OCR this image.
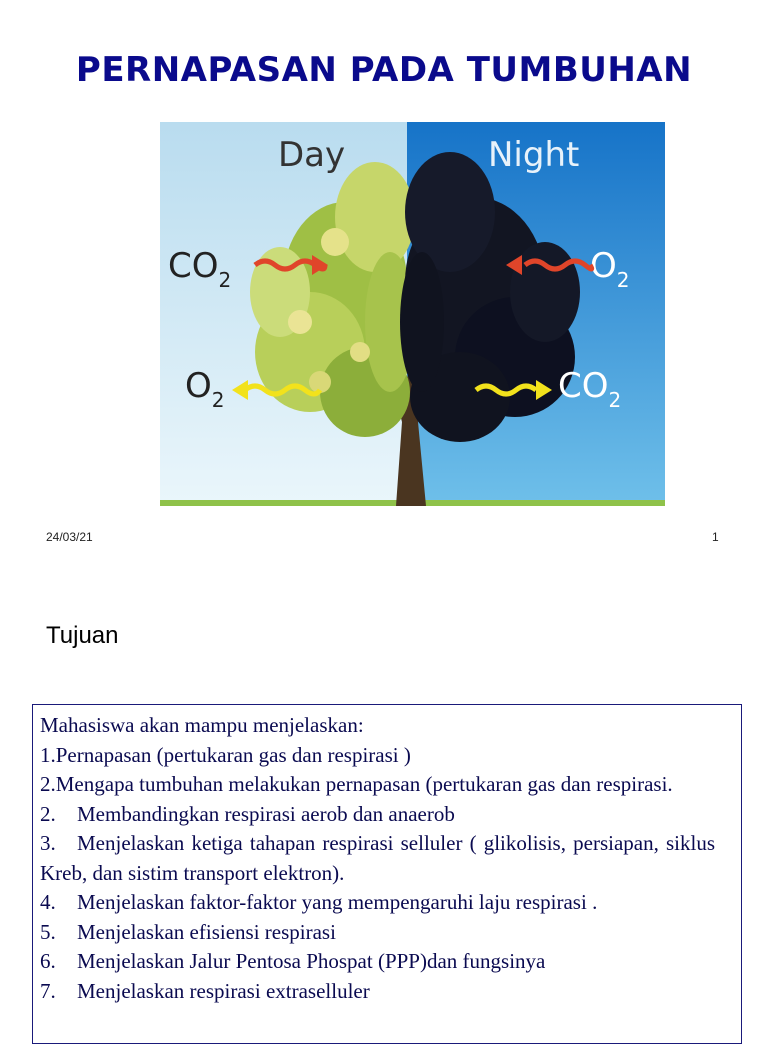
PERNAPASAN PADA TUMBUHAN
Day	Night
$CO_2$
$O_2$
$O_2$
$CO_2$
24/03/21	1
Tujuan

Mahasiswa akan mampu menjelaskan:

1.Pernapasan (pertukaran gas dan respirasi )

2.Mengapa tumbuhan melakukan pernapasan (pertukaran gas dan respirasi.

2. Membandingkan respirasi aerob dan anaerob

3. Menjelaskan ketiga tahapan respirasi selluler ( glikolisis, persiapan, siklus Kreb, dan sistim transport elektron).

4. Menjelaskan faktor-faktor yang mempengaruhi laju respirasi .

5. Menjelaskan efisiensi respirasi

6. Menjelaskan Jalur Pentosa Phospat (PPP)dan fungsinya

7. Menjelaskan respirasi extraselluler
